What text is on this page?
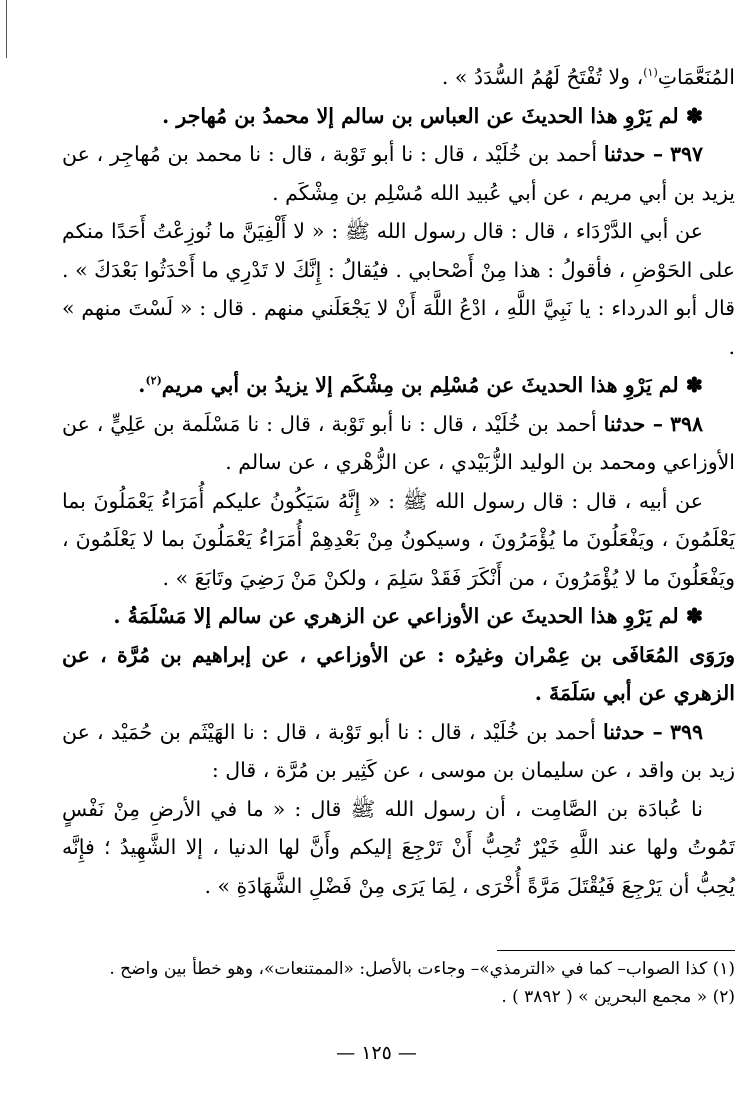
المُنَعَّمَاتِ$^{(١)}$، ولا تُفْتَحُ لَهُمُ السُّدَدُ » .

✽ لم يَرْوِ هذا الحديثَ عن العباس بن سالم إلا محمدُ بن مُهاجر .

٣٩٧ – حدثنا أحمد بن خُلَيْد ، قال : نا أبو تَوْبة ، قال : نا محمد بن مُهاجِر ، عن يزيد بن أبي مريم ، عن أبي عُبيد الله مُسْلِم بن مِشْكَم .

عن أبي الدَّرْدَاء ، قال : قال رسول الله ﷺ : « لا أَلْفِيَنَّ ما نُوزِعْتُ أَحَدًا منكم على الحَوْضِ ، فأقولُ : هذا مِنْ أَصْحابي . فيُقالُ : إِنَّكَ لا تَدْرِي ما أَحْدَثُوا بَعْدَكَ » . قال أبو الدرداء : يا نَبِيَّ اللَّهِ ، ادْعُ اللَّهَ أَنْ لا يَجْعَلَني منهم . قال : « لَسْتَ منهم » .

✽ لم يَرْوِ هذا الحديثَ عن مُسْلِم بن مِشْكَم إلا يزيدُ بن أبي مريم$^{(٢)}$.

٣٩٨ – حدثنا أحمد بن خُلَيْد ، قال : نا أبو تَوْبة ، قال : نا مَسْلَمة بن عَلِيٍّ ، عن الأوزاعي ومحمد بن الوليد الزُّبَيْدي ، عن الزُّهْري ، عن سالم .

عن أبيه ، قال : قال رسول الله ﷺ : « إِنَّهُ سَيَكُونُ عليكم أُمَرَاءُ يَعْمَلُونَ بما يَعْلَمُونَ ، ويَفْعَلُونَ ما يُؤْمَرُونَ ، وسيكونُ مِنْ بَعْدِهِمْ أُمَرَاءُ يَعْمَلُونَ بما لا يَعْلَمُونَ ، ويَفْعَلُونَ ما لا يُؤْمَرُونَ ، من أَنْكَرَ فَقَدْ سَلِمَ ، ولكنْ مَنْ رَضِيَ وتَابَعَ » .

✽ لم يَرْوِ هذا الحديثَ عن الأوزاعي عن الزهري عن سالم إلا مَسْلَمَةُ .

ورَوَى المُعَافَى بن عِمْران وغيرُه : عن الأوزاعي ، عن إبراهيم بن مُرَّة ، عن الزهري عن أبي سَلَمَةَ .

٣٩٩ – حدثنا أحمد بن خُلَيْد ، قال : نا أبو تَوْبة ، قال : نا الهَيْثَم بن حُمَيْد ، عن زيد بن واقد ، عن سليمان بن موسى ، عن كَثِير بن مُرَّة ، قال :

نا عُبادَة بن الصَّامِت ، أن رسول الله ﷺ قال : « ما في الأرضِ مِنْ نَفْسٍ تَمُوتُ ولها عند اللَّهِ خَيْرٌ تُحِبُّ أَنْ تَرْجِعَ إليكم وأَنَّ لها الدنيا ، إلا الشَّهِيدُ ؛ فإِنَّه يُحِبُّ أن يَرْجِعَ فَيُقْتَلَ مَرَّةً أُخْرَى ، لِمَا يَرَى مِنْ فَضْلِ الشَّهَادَةِ » .

(١) كذا الصواب– كما في «الترمذي»– وجاءت بالأصل: «الممتنعات»، وهو خطأ بين واضح .

(٢) « مجمع البحرين » ( ٣٨٩٢ ) .

— ١٢٥ —
